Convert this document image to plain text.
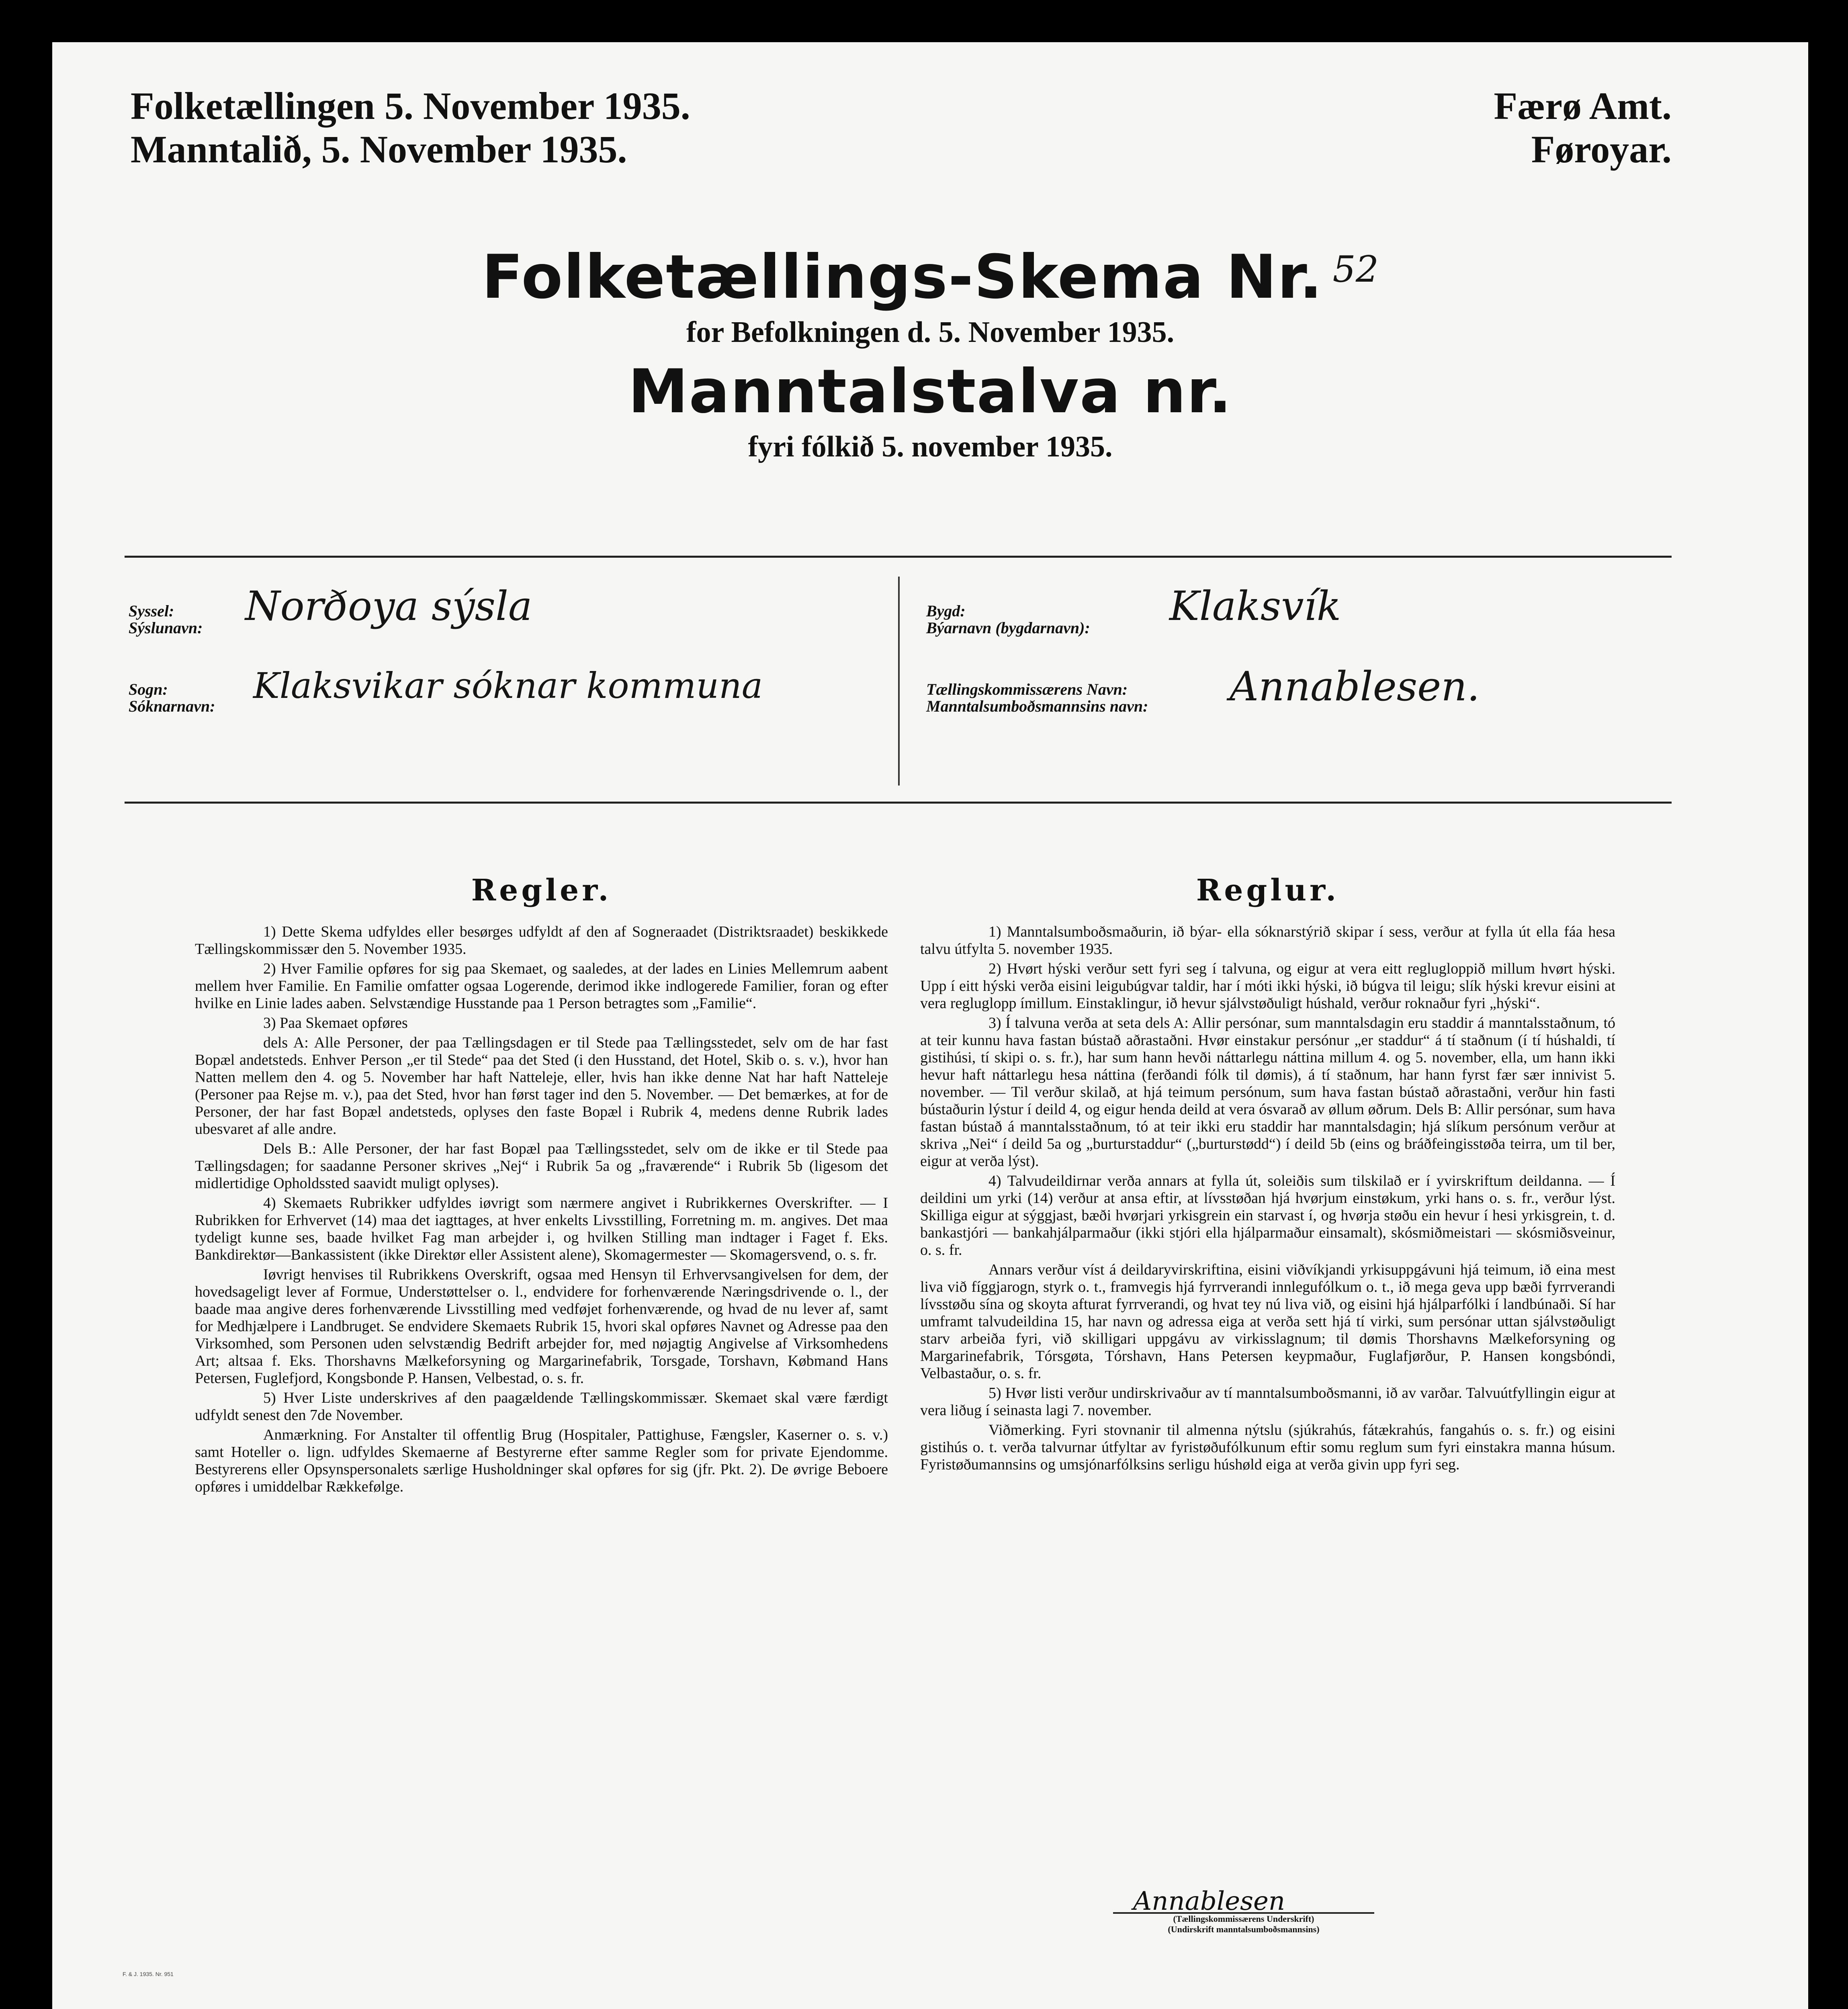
Folketællingen 5. November 1935.
Manntalið, 5. November 1935.
Færø Amt.
Føroyar.
Folketællings-Skema Nr. 52
for Befolkningen d. 5. November 1935.
Manntalstalva nr.
fyri fólkið 5. november 1935.
Syssel:
Sýslunavn: Norðoya sýsla
Sogn:
Sóknarnavn: Klaksvikar sóknar kommuna
Bygd:
Býarnavn (bygdarnavn): Klaksvík
Tællingskommissærens Navn:
Manntalsumboðsmannsins navn: Annablesen.
Regler.

1) Dette Skema udfyldes eller besørges udfyldt af den af Sogneraadet (Distriktsraadet) beskikkede Tællingskommissær den 5. November 1935.

2) Hver Familie opføres for sig paa Skemaet, og saaledes, at der lades en Linies Mellemrum aabent mellem hver Familie. En Familie omfatter ogsaa Logerende, derimod ikke indlogerede Familier, foran og efter hvilke en Linie lades aaben. Selvstændige Husstande paa 1 Person betragtes som „Familie“.

3) Paa Skemaet opføres

dels A: Alle Personer, der paa Tællingsdagen er til Stede paa Tællingsstedet, selv om de har fast Bopæl andetsteds. Enhver Person „er til Stede“ paa det Sted (i den Husstand, det Hotel, Skib o. s. v.), hvor han Natten mellem den 4. og 5. November har haft Natteleje, eller, hvis han ikke denne Nat har haft Natteleje (Personer paa Rejse m. v.), paa det Sted, hvor han først tager ind den 5. November. — Det bemærkes, at for de Personer, der har fast Bopæl andetsteds, oplyses den faste Bopæl i Rubrik 4, medens denne Rubrik lades ubesvaret af alle andre.

Dels B.: Alle Personer, der har fast Bopæl paa Tællingsstedet, selv om de ikke er til Stede paa Tællingsdagen; for saadanne Personer skrives „Nej“ i Rubrik 5a og „fraværende“ i Rubrik 5b (ligesom det midlertidige Opholdssted saavidt muligt oplyses).

4) Skemaets Rubrikker udfyldes iøvrigt som nærmere angivet i Rubrikkernes Overskrifter. — I Rubrikken for Erhvervet (14) maa det iagttages, at hver enkelts Livsstilling, Forretning m. m. angives. Det maa tydeligt kunne ses, baade hvilket Fag man arbejder i, og hvilken Stilling man indtager i Faget f. Eks. Bankdirektør—Bankassistent (ikke Direktør eller Assistent alene), Skomagermester — Skomagersvend, o. s. fr.

Iøvrigt henvises til Rubrikkens Overskrift, ogsaa med Hensyn til Erhvervsangivelsen for dem, der hovedsageligt lever af Formue, Understøttelser o. l., endvidere for forhenværende Næringsdrivende o. l., der baade maa angive deres forhenværende Livsstilling med vedføjet forhenværende, og hvad de nu lever af, samt for Medhjælpere i Landbruget. Se endvidere Skemaets Rubrik 15, hvori skal opføres Navnet og Adresse paa den Virksomhed, som Personen uden selvstændig Bedrift arbejder for, med nøjagtig Angivelse af Virksomhedens Art; altsaa f. Eks. Thorshavns Mælkeforsyning og Margarinefabrik, Torsgade, Torshavn, Købmand Hans Petersen, Fuglefjord, Kongsbonde P. Hansen, Velbestad, o. s. fr.

5) Hver Liste underskrives af den paagældende Tællingskommissær. Skemaet skal være færdigt udfyldt senest den 7de November.

Anmærkning. For Anstalter til offentlig Brug (Hospitaler, Pattighuse, Fængsler, Kaserner o. s. v.) samt Hoteller o. lign. udfyldes Skemaerne af Bestyrerne efter samme Regler som for private Ejendomme. Bestyrerens eller Opsynspersonalets særlige Husholdninger skal opføres for sig (jfr. Pkt. 2). De øvrige Beboere opføres i umiddelbar Rækkefølge.

Reglur.

1) Manntalsumboðsmaðurin, ið býar- ella sóknarstýrið skipar í sess, verður at fylla út ella fáa hesa talvu útfylta 5. november 1935.

2) Hvørt hýski verður sett fyri seg í talvuna, og eigur at vera eitt reglugloppið millum hvørt hýski. Upp í eitt hýski verða eisini leigubúgvar taldir, har í móti ikki hýski, ið búgva til leigu; slík hýski krevur eisini at vera regluglopp ímillum. Einstaklingur, ið hevur sjálvstøðuligt húshald, verður roknaður fyri „hýski“.

3) Í talvuna verða at seta dels A: Allir persónar, sum manntalsdagin eru staddir á manntalsstaðnum, tó at teir kunnu hava fastan bústað aðrastaðni. Hvør einstakur persónur „er staddur“ á tí staðnum (í tí húshaldi, tí gistihúsi, tí skipi o. s. fr.), har sum hann hevði náttarlegu náttina millum 4. og 5. november, ella, um hann ikki hevur haft náttarlegu hesa náttina (ferðandi fólk til dømis), á tí staðnum, har hann fyrst fær sær innivist 5. november. — Til verður skilað, at hjá teimum persónum, sum hava fastan bústað aðrastaðni, verður hin fasti bústaðurin lýstur í deild 4, og eigur henda deild at vera ósvarað av øllum øðrum. Dels B: Allir persónar, sum hava fastan bústað á manntalsstaðnum, tó at teir ikki eru staddir har manntalsdagin; hjá slíkum persónum verður at skriva „Nei“ í deild 5a og „burturstaddur“ („burturstødd“) í deild 5b (eins og bráðfeingisstøða teirra, um til ber, eigur at verða lýst).

4) Talvudeildirnar verða annars at fylla út, soleiðis sum tilskilað er í yvirskriftum deildanna. — Í deildini um yrki (14) verður at ansa eftir, at lívsstøðan hjá hvørjum einstøkum, yrki hans o. s. fr., verður lýst. Skilliga eigur at sýggjast, bæði hvørjari yrkisgrein ein starvast í, og hvørja støðu ein hevur í hesi yrkisgrein, t. d. bankastjóri — bankahjálparmaður (ikki stjóri ella hjálparmaður einsamalt), skósmiðmeistari — skósmiðsveinur, o. s. fr.

Annars verður víst á deildaryvirskriftina, eisini viðvíkjandi yrkisuppgávuni hjá teimum, ið eina mest liva við fíggjarogn, styrk o. t., framvegis hjá fyrrverandi innlegufólkum o. t., ið mega geva upp bæði fyrrverandi lívsstøðu sína og skoyta afturat fyrrverandi, og hvat tey nú liva við, og eisini hjá hjálparfólki í landbúnaði. Sí har umframt talvudeildina 15, har navn og adressa eiga at verða sett hjá tí virki, sum persónar uttan sjálvstøðuligt starv arbeiða fyri, við skilligari uppgávu av virkisslagnum; til dømis Thorshavns Mælkeforsyning og Margarinefabrik, Tórsgøta, Tórshavn, Hans Petersen keypmaður, Fuglafjørður, P. Hansen kongsbóndi, Velbastaður, o. s. fr.

5) Hvør listi verður undirskrivaður av tí manntalsumboðsmanni, ið av varðar. Talvuútfyllingin eigur at vera liðug í seinasta lagi 7. november.

Viðmerking. Fyri stovnanir til almenna nýtslu (sjúkrahús, fátækrahús, fangahús o. s. fr.) og eisini gistihús o. t. verða talvurnar útfyltar av fyristøðufólkunum eftir somu reglum sum fyri einstakra manna húsum. Fyristøðumannsins og umsjónarfólksins serligu húshøld eiga at verða givin upp fyri seg.

Annablesen
(Tællingskommissærens Underskrift)
(Undirskrift manntalsumboðsmannsins)
F. & J. 1935. Nr. 951
